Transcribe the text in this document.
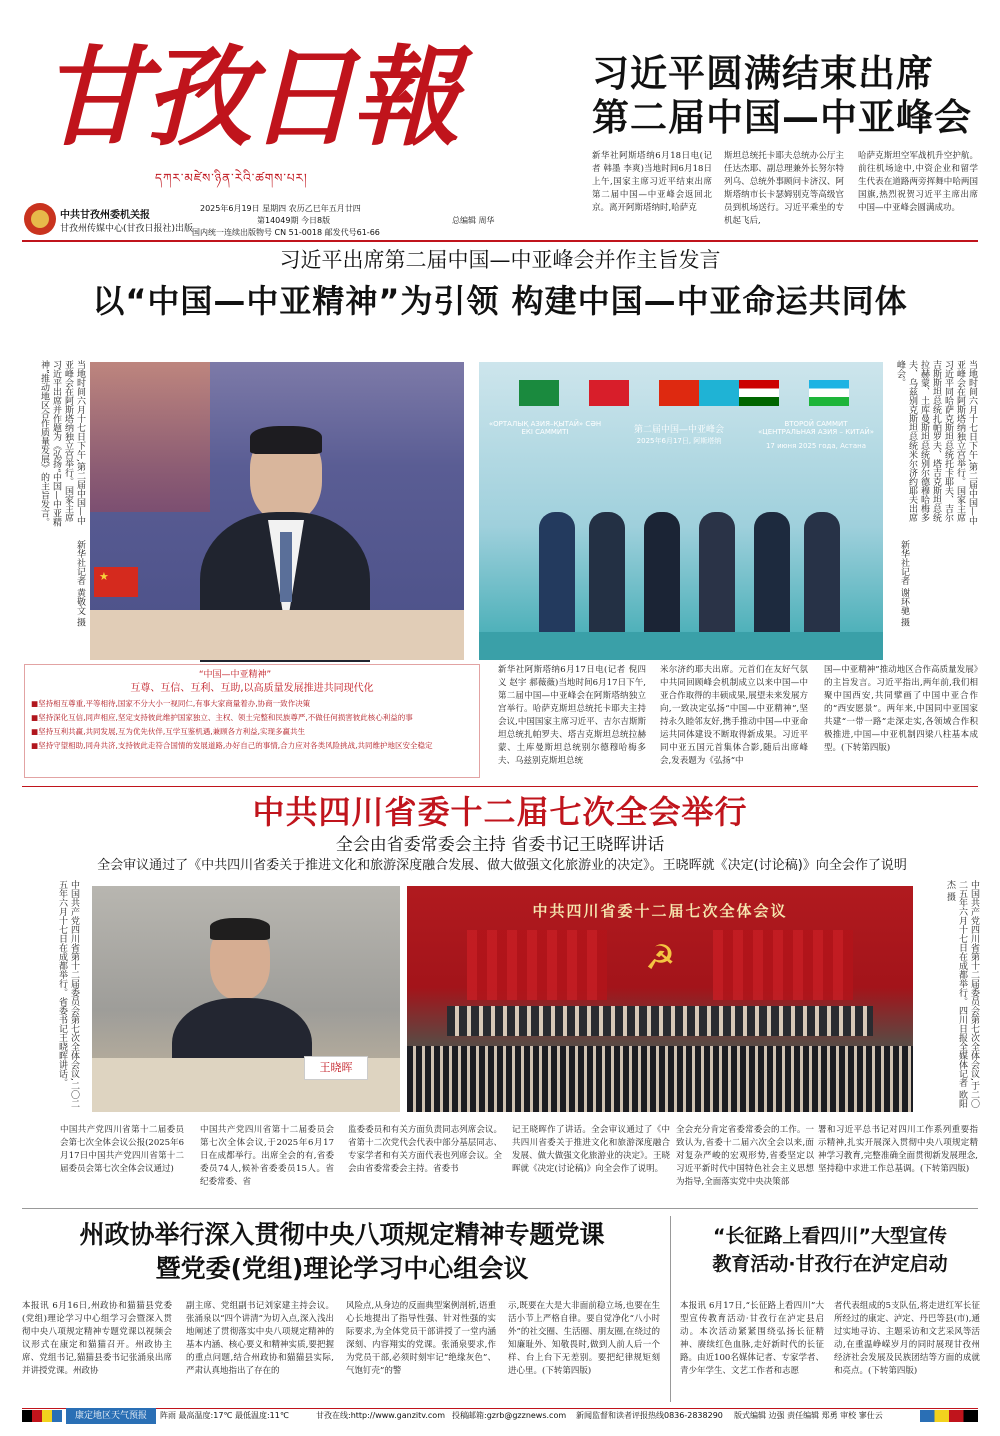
甘孜日報
དཀར་མཛེས་ཉིན་རེའི་ཚགས་པར།
中共甘孜州委机关报
甘孜州传媒中心(甘孜日报社)出版
2025年6月19日 星期四 农历乙巳年五月廿四
第14049期 今日8版
国内统一连续出版物号 CN 51-0018 邮发代号61-66
总编辑 周华
习近平圆满结束出席
第二届中国—中亚峰会
新华社阿斯塔纳6月18日电(记者 韩墨 李爽)当地时间6月18日上午,国家主席习近平结束出席第二届中国—中亚峰会返回北京。离开阿斯塔纳时,哈萨克
斯坦总统托卡耶夫总统办公厅主任达杰耶、副总理兼外长努尔特列乌、总统外事顾问卡济汉、阿斯塔纳市长卡瑟姆别克等高级官员到机场送行。习近平乘坐的专机起飞后,
哈萨克斯坦空军战机升空护航。前往机场途中,中资企业和留学生代表在道路两旁挥舞中哈两国国旗,热烈祝贺习近平主席出席中国—中亚峰会圆满成功。
习近平出席第二届中国—中亚峰会并作主旨发言
以“中国—中亚精神”为引领 构建中国—中亚命运共同体
当地时间六月十七日下午,第二届中国—中亚峰会在阿斯塔纳独立宫举行。国家主席习近平出席并作题为《弘扬“中国—中亚精神”推动地区合作质量发展》的主旨发言。
新华社记者 黄敬文 摄 ★
«ОРТАЛЫҚ АЗИЯ–ҚЫТАЙ» СӘН ЕКІ САММИТІ	第二届中国—中亚峰会
2025年6月17日, 阿斯塔纳
ВТОРОЙ САММИТ «ЦЕНТРАЛЬНАЯ АЗИЯ – КИТАЙ»
17 июня 2025 года, Астана	当地时间六月十七日下午,第二届中国—中亚峰会在阿斯塔纳独立宫举行。国家主席习近平同哈萨克斯坦总统托卡耶夫、吉尔吉斯斯坦总统扎帕罗夫、塔吉克斯坦总统拉赫蒙、土库曼斯坦总统别尔德穆哈梅多夫、乌兹别克斯坦总统米尔济约耶夫出席峰会。
新华社记者 谢环驰 摄
“中国—中亚精神”
互尊、互信、互利、互助,以高质量发展推进共同现代化
■坚持相互尊重,平等相待,国家不分大小一视同仁,有事大家商量着办,协商一致作决策
■坚持深化互信,同声相应,坚定支持彼此维护国家独立、主权、领土完整和民族尊严,不做任何损害彼此核心利益的事
■坚持互利共赢,共同发展,互为优先伙伴,互学互鉴机遇,兼顾各方利益,实现多赢共生
■坚持守望相助,同舟共济,支持彼此走符合国情的发展道路,办好自己的事情,合力应对各类风险挑战,共同维护地区安全稳定
新华社阿斯塔纳6月17日电(记者 倪四义 赵宇 郝薇薇)当地时间6月17日下午,第二届中国—中亚峰会在阿斯塔纳独立宫举行。哈萨克斯坦总统托卡耶夫主持会议,中国国家主席习近平、吉尔吉斯斯坦总统扎帕罗夫、塔吉克斯坦总统拉赫蒙、土库曼斯坦总统别尔德穆哈梅多夫、乌兹别克斯坦总统
米尔济约耶夫出席。元首们在友好气氛中共同回顾峰会机制成立以来中国—中亚合作取得的丰硕成果,展望未来发展方向,一致决定弘扬“中国—中亚精神”,坚持永久睦邻友好,携手推动中国—中亚命运共同体建设不断取得新成果。习近平同中亚五国元首集体合影,随后出席峰会,发表题为《弘扬“中
国—中亚精神”推动地区合作高质量发展》的主旨发言。习近平指出,两年前,我们相聚中国西安,共同擘画了中国中亚合作的“西安愿景”。两年来,中国同中亚国家共建“一带一路”走深走实,各领域合作积极推进,中国—中亚机制四梁八柱基本成型。(下转第四版)
中共四川省委十二届七次全会举行
全会由省委常委会主持 省委书记王晓晖讲话
全会审议通过了《中共四川省委关于推进文化和旅游深度融合发展、做大做强文化旅游业的决定》。王晓晖就《决定(讨论稿)》向全会作了说明
中国共产党四川省第十二届委员会第七次全体会议,二〇二五年六月十七日在成都举行。省委书记王晓晖讲话。	王晓晖
中共四川省委十二届七次全体会议
☭	中国共产党四川省第十二届委员会第七次全体会议,于二〇二五年六月十七日在成都举行。四川日报全媒体记者 欧阳杰 摄
中国共产党四川省第十二届委员会第七次全体会议公报(2025年6月17日中国共产党四川省第十二届委员会第七次全体会议通过)
中国共产党四川省第十二届委员会第七次全体会议,于2025年6月17日在成都举行。出席全会的有,省委委员74人,候补省委委员15人。省纪委常委、省
监委委员和有关方面负责同志列席会议。省第十二次党代会代表中部分基层同志、专家学者和有关方面代表也列席会议。全会由省委常委会主持。省委书
记王晓晖作了讲话。全会审议通过了《中共四川省委关于推进文化和旅游深度融合发展、做大做强文化旅游业的决定》。王晓晖就《决定(讨论稿)》向全会作了说明。
全会充分肯定省委常委会的工作。一致认为,省委十二届六次全会以来,面对复杂严峻的宏观形势,省委坚定以习近平新时代中国特色社会主义思想为指导,全面落实党中央决策部
署和习近平总书记对四川工作系列重要指示精神,扎实开展深入贯彻中央八项规定精神学习教育,完整准确全面贯彻新发展理念,坚持稳中求进工作总基调。(下转第四版)
州政协举行深入贯彻中央八项规定精神专题党课
暨党委(党组)理论学习中心组会议
本报讯 6月16日,州政协和猫猫县党委(党组)理论学习中心组学习会暨深入贯彻中央八项规定精神专题党课以视频会议形式在康定和猫猫召开。州政协主席、党组书记,猫猫县委书记张涌泉出席并讲授党课。州政协
副主席、党组副书记刘家建主持会议。张涌泉以“四个讲清”为切入点,深入浅出地阐述了贯彻落实中央八项规定精神的基本内涵、核心要义和精神实质,要把握的重点问题,结合州政协和猫猫县实际,严肃认真地指出了存在的
风险点,从身边的反面典型案例剖析,语重心长地提出了指导性强、针对性强的实际要求,为全体党员干部讲授了一堂内涵深刻、内容翔实的党课。张涌泉要求,作为党员干部,必须时刻牢记“绝缘灰色”、气饱钉壳”的警
示,既要在大是大非面前稳立场,也要在生活小节上严格自律。要自觉净化“八小时外”的社交圈、生活圈、朋友圈,在绕过的知廉耻外、知敬畏时,做到人前人后一个样、台上台下无差别。要把纪律规矩刻进心里。(下转第四版)
“长征路上看四川”大型宣传
教育活动·甘孜行在泸定启动
本报讯 6月17日,“长征路上看四川”大型宣传教育活动·甘孜行在泸定县启动。本次活动紧紧围绕弘扬长征精神、赓续红色血脉,走好新时代的长征路。由近100名媒体记者、专家学者、青少年学生、文艺工作者和志愿
者代表组成的5支队伍,将走进红军长征所经过的康定、泸定、丹巴等县(市),通过实地寻访、主题采访和文艺采风等活动,在重温峥嵘岁月的同时展现甘孜州经济社会发展及民族团结等方面的成就和亮点。(下转第四版)
康定地区天气预报	阵雨 最高温度:17℃ 最低温度:11℃	甘孜在线:http://www.ganzitv.com 投稿邮箱:gzrb@gzznews.com	新闻监督和读者评报热线0836-2838290	版式编辑 边强 责任编辑 郑勇 审校 寥仕云
